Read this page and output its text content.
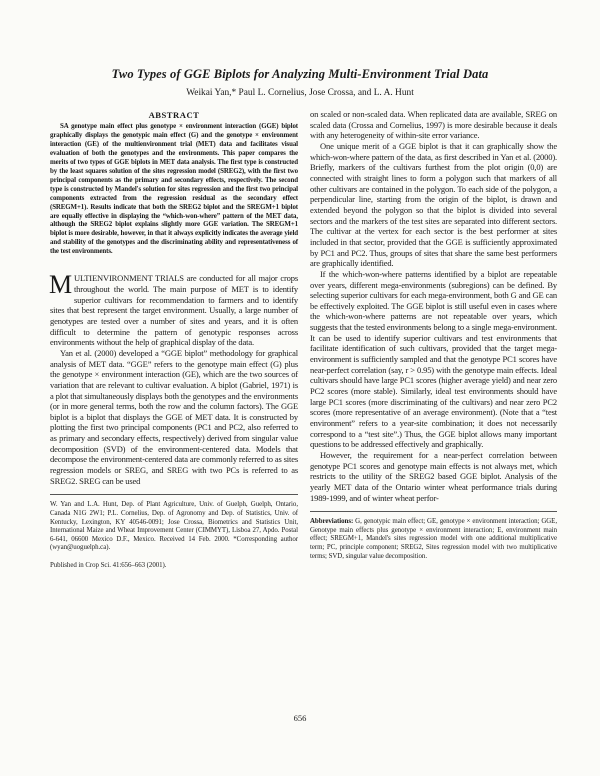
Two Types of GGE Biplots for Analyzing Multi-Environment Trial Data
Weikai Yan,* Paul L. Cornelius, Jose Crossa, and L. A. Hunt
ABSTRACT

SA genotype main effect plus genotype × environment interaction (GGE) biplot graphically displays the genotypic main effect (G) and the genotype × environment interaction (GE) of the multienvironment trial (MET) data and facilitates visual evaluation of both the genotypes and the environments. This paper compares the merits of two types of GGE biplots in MET data analysis. The first type is constructed by the least squares solution of the sites regression model (SREG2), with the first two principal components as the primary and secondary effects, respectively. The second type is constructed by Mandel's solution for sites regression and the first two principal components extracted from the regression residual as the secondary effect (SREGM+1). Results indicate that both the SREG2 biplot and the SREGM+1 biplot are equally effective in displaying the “which-won-where” pattern of the MET data, although the SREG2 biplot explains slightly more GGE variation. The SREGM+1 biplot is more desirable, however, in that it always explicitly indicates the average yield and stability of the genotypes and the discriminating ability and representativeness of the test environments.

MULTIENVIRONMENT TRIALS are conducted for all major crops throughout the world. The main purpose of MET is to identify superior cultivars for recommendation to farmers and to identify sites that best represent the target environment. Usually, a large number of genotypes are tested over a number of sites and years, and it is often difficult to determine the pattern of genotypic responses across environments without the help of graphical display of the data.

Yan et al. (2000) developed a “GGE biplot” methodology for graphical analysis of MET data. “GGE” refers to the genotype main effect (G) plus the genotype × environment interaction (GE), which are the two sources of variation that are relevant to cultivar evaluation. A biplot (Gabriel, 1971) is a plot that simultaneously displays both the genotypes and the environments (or in more general terms, both the row and the column factors). The GGE biplot is a biplot that displays the GGE of MET data. It is constructed by plotting the first two principal components (PC1 and PC2, also referred to as primary and secondary effects, respectively) derived from singular value decomposition (SVD) of the environment-centered data. Models that decompose the environment-centered data are commonly referred to as sites regression models or SREG, and SREG with two PCs is referred to as SREG2. SREG can be used

W. Yan and L.A. Hunt, Dep. of Plant Agriculture, Univ. of Guelph, Guelph, Ontario, Canada N1G 2W1; P.L. Cornelius, Dep. of Agronomy and Dep. of Statistics, Univ. of Kentucky, Lexington, KY 40546-0091; Jose Crossa, Biometrics and Statistics Unit, International Maize and Wheat Improvement Center (CIMMYT), Lisboa 27, Apdo. Postal 6-641, 06600 Mexico D.F., Mexico. Received 14 Feb. 2000. *Corresponding author (wyan@uoguelph.ca).

Published in Crop Sci. 41:656–663 (2001).

on scaled or non-scaled data. When replicated data are available, SREG on scaled data (Crossa and Cornelius, 1997) is more desirable because it deals with any heterogeneity of within-site error variance.

One unique merit of a GGE biplot is that it can graphically show the which-won-where pattern of the data, as first described in Yan et al. (2000). Briefly, markers of the cultivars furthest from the plot origin (0,0) are connected with straight lines to form a polygon such that markers of all other cultivars are contained in the polygon. To each side of the polygon, a perpendicular line, starting from the origin of the biplot, is drawn and extended beyond the polygon so that the biplot is divided into several sectors and the markers of the test sites are separated into different sectors. The cultivar at the vertex for each sector is the best performer at sites included in that sector, provided that the GGE is sufficiently approximated by PC1 and PC2. Thus, groups of sites that share the same best performers are graphically identified.

If the which-won-where patterns identified by a biplot are repeatable over years, different mega-environments (subregions) can be defined. By selecting superior cultivars for each mega-environment, both G and GE can be effectively exploited. The GGE biplot is still useful even in cases where the which-won-where patterns are not repeatable over years, which suggests that the tested environments belong to a single mega-environment. It can be used to identify superior cultivars and test environments that facilitate identification of such cultivars, provided that the target mega-environment is sufficiently sampled and that the genotype PC1 scores have near-perfect correlation (say, r > 0.95) with the genotype main effects. Ideal cultivars should have large PC1 scores (higher average yield) and near zero PC2 scores (more stable). Similarly, ideal test environments should have large PC1 scores (more discriminating of the cultivars) and near zero PC2 scores (more representative of an average environment). (Note that a “test environment” refers to a year-site combination; it does not necessarily correspond to a “test site”.) Thus, the GGE biplot allows many important questions to be addressed effectively and graphically.

However, the requirement for a near-perfect correlation between genotype PC1 scores and genotype main effects is not always met, which restricts to the utility of the SREG2 based GGE biplot. Analysis of the yearly MET data of the Ontario winter wheat performance trials during 1989-1999, and of winter wheat perfor-

Abbreviations: G, genotypic main effect; GE, genotype × environment interaction; GGE, Genotype main effects plus genotype × environment interaction; E, environment main effect; SREGM+1, Mandel's sites regression model with one additional multiplicative term; PC, principle component; SREG2, Sites regression model with two multiplicative terms; SVD, singular value decomposition.

656
